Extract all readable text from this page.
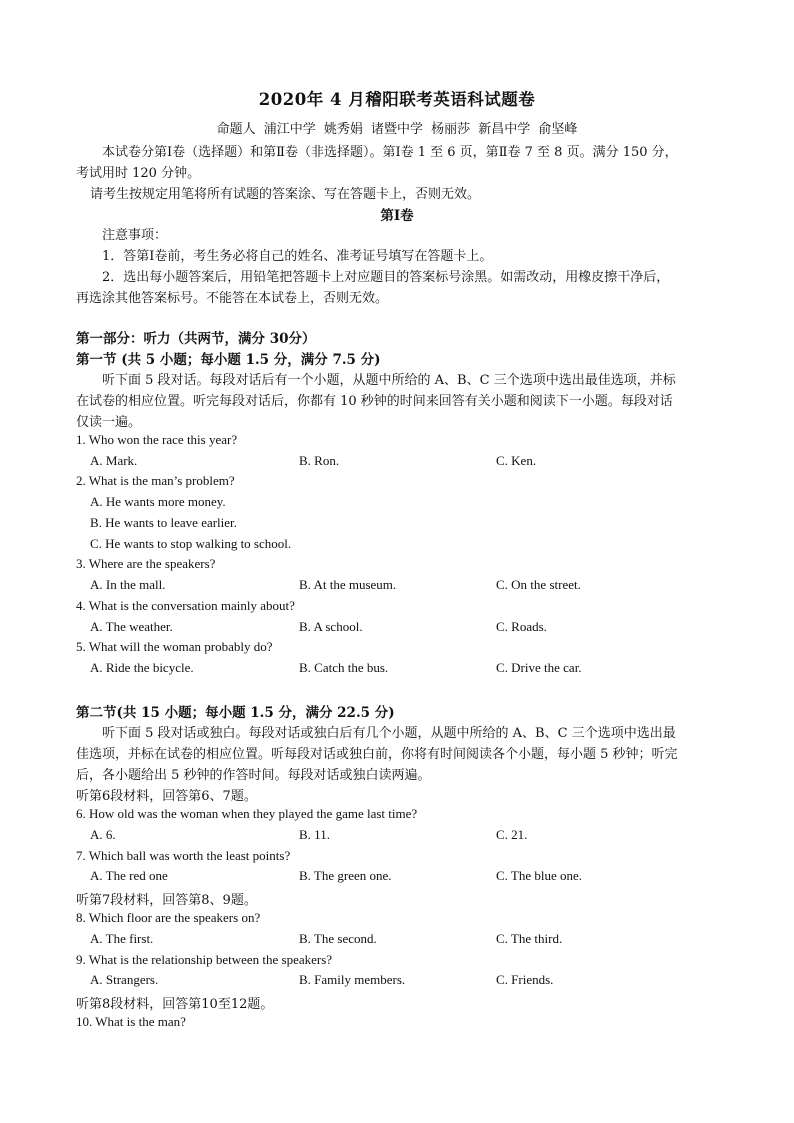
2020年 4 月稽阳联考英语科试题卷
命题人 浦江中学 姚秀娟 诸暨中学 杨丽莎 新昌中学 俞坚峰
本试卷分第Ⅰ卷（选择题）和第Ⅱ卷（非选择题）。第Ⅰ卷 1 至 6 页，第Ⅱ卷 7 至 8 页。满分 150 分，
考试用时 120 分钟。
请考生按规定用笔将所有试题的答案涂、写在答题卡上，否则无效。
第Ⅰ卷
注意事项：
1．答第Ⅰ卷前，考生务必将自己的姓名、准考证号填写在答题卡上。
2．选出每小题答案后，用铅笔把答题卡上对应题目的答案标号涂黑。如需改动，用橡皮擦干净后，
再选涂其他答案标号。不能答在本试卷上，否则无效。
第一部分：听力（共两节，满分 30分）
第一节 (共 5 小题；每小题 1.5 分，满分 7.5 分)
听下面 5 段对话。每段对话后有一个小题，从题中所给的 A、B、C 三个选项中选出最佳选项，并标
在试卷的相应位置。听完每段对话后，你都有 10 秒钟的时间来回答有关小题和阅读下一小题。每段对话
仅读一遍。
1. Who won the race this year?
A. Mark.	B. Ron.	C. Ken.
2. What is the man’s problem?
A. He wants more money.
B. He wants to leave earlier.
C. He wants to stop walking to school.
3. Where are the speakers?
A. In the mall.	B. At the museum.	C. On the street.
4. What is the conversation mainly about?
A. The weather.	B. A school.	C. Roads.
5. What will the woman probably do?
A. Ride the bicycle.	B. Catch the bus.	C. Drive the car.
第二节(共 15 小题；每小题 1.5 分，满分 22.5 分)
听下面 5 段对话或独白。每段对话或独白后有几个小题，从题中所给的 A、B、C 三个选项中选出最
佳选项，并标在试卷的相应位置。听每段对话或独白前，你将有时间阅读各个小题，每小题 5 秒钟；听完
后，各小题给出 5 秒钟的作答时间。每段对话或独白读两遍。
听第6段材料，回答第6、7题。
6. How old was the woman when they played the game last time?
A. 6.	B. 11.	C. 21.
7. Which ball was worth the least points?
A. The red one	B. The green one.	C. The blue one.
听第7段材料，回答第8、9题。
8. Which floor are the speakers on?
A. The first.	B. The second.	C. The third.
9. What is the relationship between the speakers?
A. Strangers.	B. Family members.	C. Friends.
听第8段材料，回答第10至12题。
10. What is the man?
